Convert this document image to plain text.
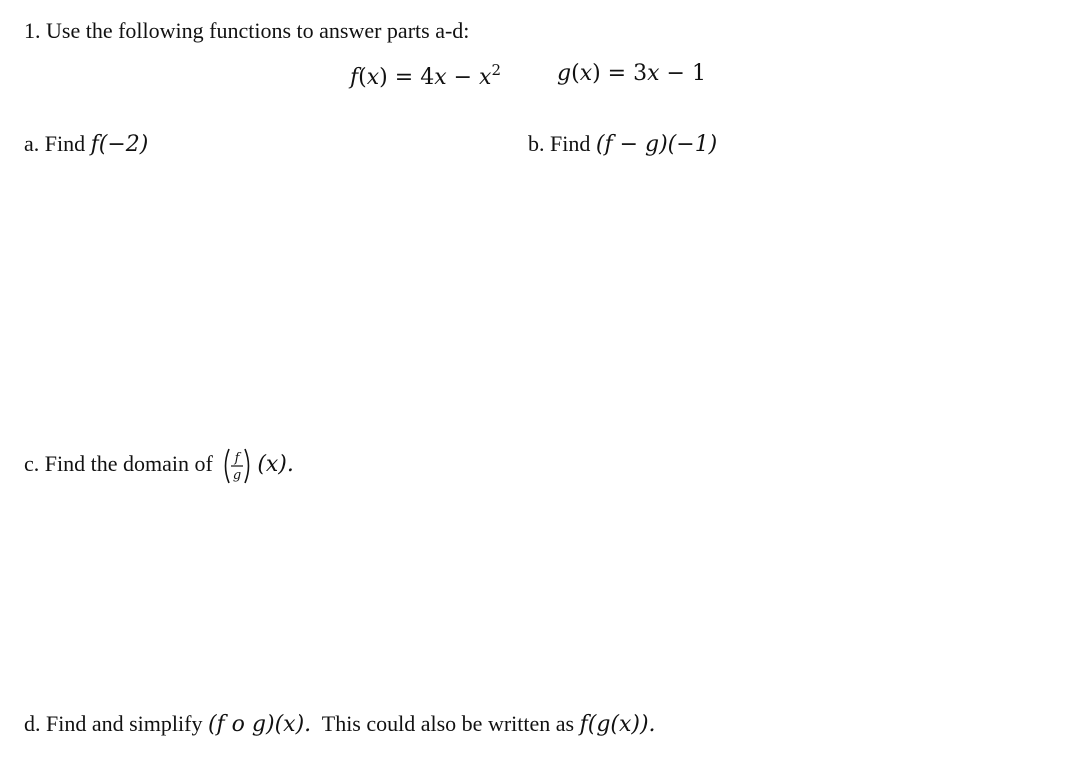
1. Use the following functions to answer parts a-d:
$f(x) = 4x - x^2$	g(x) = 3x − 1
a. Find f(−2)	b. Find (f − g)(−1)
c. Find the domain of f
g (x).
d. Find and simplify (f o g)(x).  This could also be written as f(g(x)).
